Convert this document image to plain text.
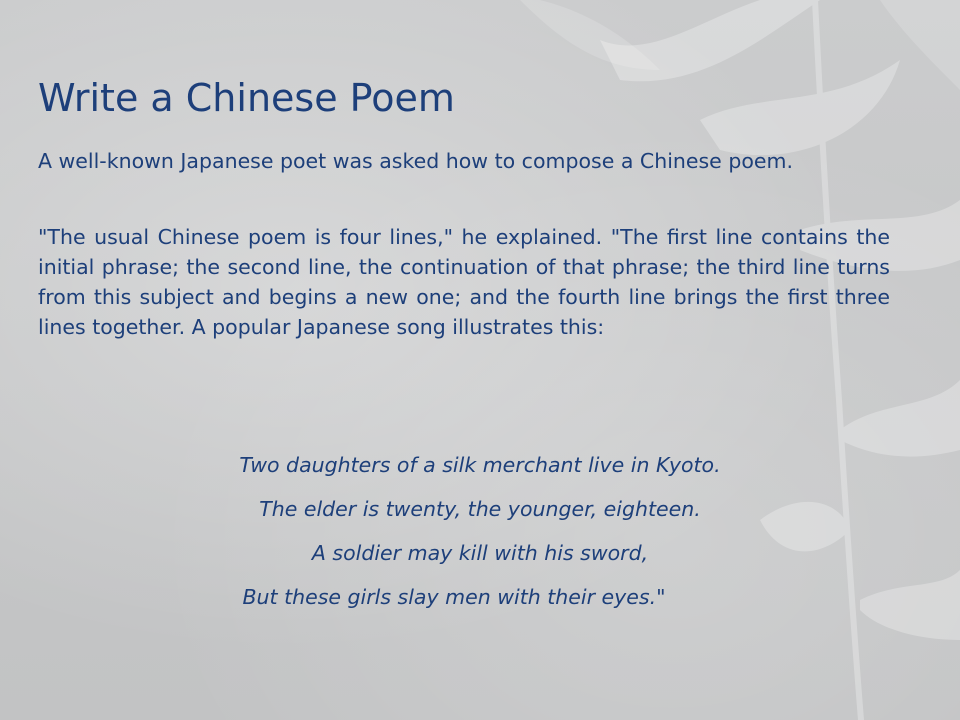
Write a Chinese Poem

A well-known Japanese poet was asked how to compose a Chinese poem.

"The usual Chinese poem is four lines," he explained. "The first line contains the initial phrase; the second line, the continuation of that phrase; the third line turns from this subject and begins a new one; and the fourth line brings the first three lines together. A popular Japanese song illustrates this:

Two daughters of a silk merchant live in Kyoto.

The elder is twenty, the younger, eighteen.

A soldier may kill with his sword,

But these girls slay men with their eyes."
